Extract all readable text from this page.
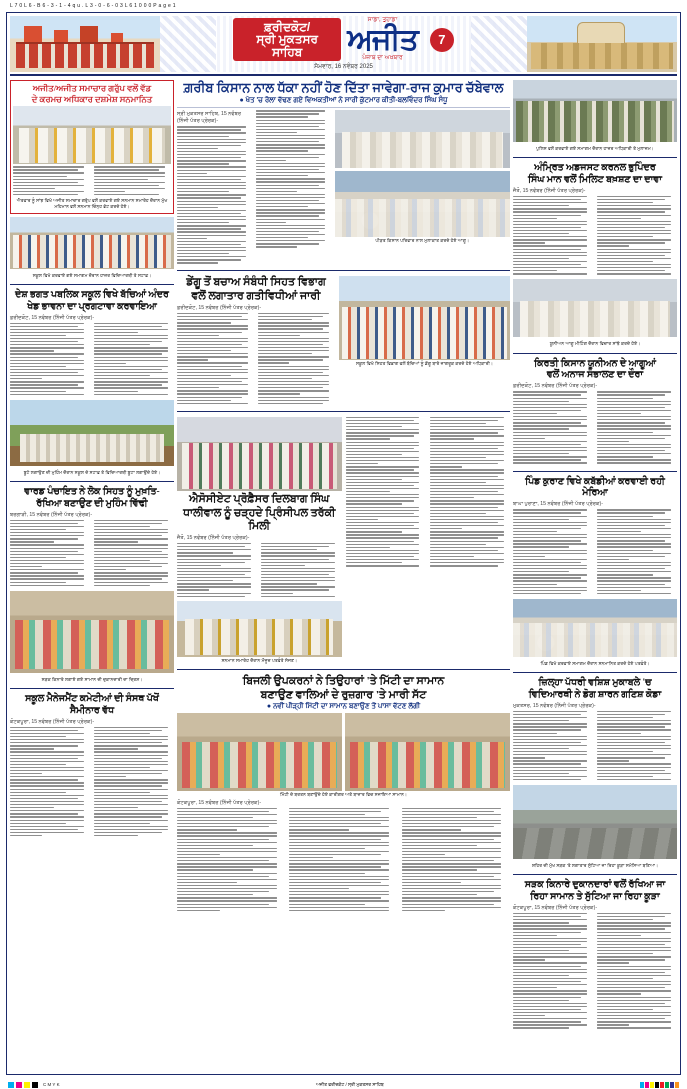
L 7 0 L 6 - B 6 - 3 - 1 - 4 q u . L 3 - 0 - 6 - 0 3 L 6 1 0 0 0 P a g e 1
ਫ਼ਰੀਦਕੋਟ/
ਸ੍ਰੀ ਮੁਕਤਸਰ ਸਾਹਿਬ
ਸਾਡਾ, ਤੁਹਾਡਾ
ਅਜੀਤ
ਪੰਜਾਬ ਦਾ ਅਖ਼ਬਾਰ
7
ਸੋਮਵਾਰ, 16 ਨਵੰਬਰ 2025
ਅਜੀਤ/ਅਜੀਤ ਸਮਾਚਾਰ ਗਰੁੱਪ ਵਲੋਂ ਵੱਡ
ਦੇ ਕਰਮਚ ਅਧਿਕਾਰ ਦਸ਼ਮੇਸ਼ ਸਨਮਾਨਿਤ
ਐਤਵਾਰ ਨੂੰ ਸਾਂਝ ਵਿਖੇ ਅਜੀਤ ਸਮਾਚਾਰ ਗਰੁੱਪ ਵਲੋਂ ਕਰਵਾਏ ਗਏ ਸਨਮਾਨ ਸਮਾਰੋਹ ਦੌਰਾਨ ਮੁੱਖ ਮਹਿਮਾਨ ਵਲੋਂ ਸਨਮਾਨ ਚਿੰਨ੍ਹ ਭੇਟ ਕਰਦੇ ਹੋਏ।
ਸਕੂਲ ਵਿਖੇ ਕਰਵਾਏ ਗਏ ਸਮਾਗਮ ਦੌਰਾਨ ਹਾਜ਼ਰ ਵਿਦਿਆਰਥੀ ਤੇ ਸਟਾਫ਼।
ਦੇਸ਼ ਭਗਤ ਪਬਲਿਕ ਸਕੂਲ ਵਿਖੇ ਬੱਚਿਆਂ ਅੰਦਰ
ਖੇਡ ਭਾਵਨਾ ਦਾ ਪ੍ਰਗਟਾਵਾ ਕਰਵਾਇਆ
ਫ਼ਰੀਦਕੋਟ, 15 ਨਵੰਬਰ (ਨਿੱਜੀ ਪੱਤਰ ਪ੍ਰੇਰਕ)-
ਬੂਟੇ ਲਗਾਉਣ ਦੀ ਮੁਹਿੰਮ ਦੌਰਾਨ ਸਕੂਲ ਦੇ ਸਟਾਫ਼ ਤੇ ਵਿਦਿਆਰਥੀ ਬੂਟਾ ਲਗਾਉਂਦੇ ਹੋਏ।
ਵਾਰਡ ਪੰਚਾਇਤ ਨੇ ਲੋਕ ਸਿਹਤ ਨੂੰ ਮੁਖ਼ਤਿ-
ਰੱਖਿਆ ਬਣਾਉਣ ਦੀ ਮੁਹਿੰਮ ਵਿੱਢੀ
ਬਰਗਾੜੀ, 15 ਨਵੰਬਰ (ਨਿੱਜੀ ਪੱਤਰ ਪ੍ਰੇਰਕ)-
ਸੜਕ ਕਿਨਾਰੇ ਲਗਾਏ ਗਏ ਸਾਮਾਨ ਦੀ ਦੁਕਾਨਦਾਰੀ ਦਾ ਦ੍ਰਿਸ਼।
ਸਕੂਲ ਮੈਨੇਜਮੈਂਟ ਕਮੇਟੀਆਂ ਦੀ ਸੰਸਥ ਪੱਖੋਂ ਸੈਮੀਨਾਰ ਵੱਧ
ਕੋਟਕਪੂਰਾ, 15 ਨਵੰਬਰ (ਨਿੱਜੀ ਪੱਤਰ ਪ੍ਰੇਰਕ)-
ਗ਼ਰੀਬ ਕਿਸਾਨ ਨਾਲ ਧੱਕਾ ਨਹੀਂ ਹੋਣ ਦਿੱਤਾ ਜਾਵੇਗਾ-ਰਾਜ ਕੁਮਾਰ ਚੱਬੇਵਾਲ
● ਖੇਤ 'ਚ ਰੋਲਾ ਵੱਢਣ ਗਏ ਵਿਅਕਤੀਆਂ ਨੇ ਸਾਰੀ ਕੁੱਟਮਾਰ ਕੀਤੀ-ਬਲਵਿੰਦਰ ਸਿੰਘ ਸੰਧੂ
ਸ੍ਰੀ ਮੁਕਤਸਰ ਸਾਹਿਬ, 15 ਨਵੰਬਰ (ਨਿੱਜੀ ਪੱਤਰ ਪ੍ਰੇਰਕ)-
ਪੀੜਤ ਕਿਸਾਨ ਪਰਿਵਾਰ ਨਾਲ ਮੁਲਾਕਾਤ ਕਰਦੇ ਹੋਏ ਆਗੂ।
ਡੇਂਗੂ ਤੋਂ ਬਚਾਅ ਸੰਬੰਧੀ ਸਿਹਤ ਵਿਭਾਗ
ਵਲੋਂ ਲਗਾਤਾਰ ਗਤੀਵਿਧੀਆਂ ਜਾਰੀ
ਫ਼ਰੀਦਕੋਟ, 15 ਨਵੰਬਰ (ਨਿੱਜੀ ਪੱਤਰ ਪ੍ਰੇਰਕ)-
ਸਕੂਲ ਵਿਖੇ ਸਿਹਤ ਵਿਭਾਗ ਵਲੋਂ ਬੱਚਿਆਂ ਨੂੰ ਡੇਂਗੂ ਬਾਰੇ ਜਾਗਰੂਕ ਕਰਦੇ ਹੋਏ ਅਧਿਕਾਰੀ।
ਐਸੋਸੀਏਟ ਪ੍ਰੋਫ਼ੈਸਰ ਦਿਲਬਾਗ ਸਿੰਘ
ਧਾਲੀਵਾਲ ਨੂੰ ਚੜ੍ਹਦੇ ਪ੍ਰਿੰਸੀਪਲ ਤਰੱਕੀ ਮਿਲੀ
ਜੈਤੋ, 15 ਨਵੰਬਰ (ਨਿੱਜੀ ਪੱਤਰ ਪ੍ਰੇਰਕ)-
ਸਨਮਾਨ ਸਮਾਰੋਹ ਦੌਰਾਨ ਮੌਜੂਦ ਪਤਵੰਤੇ ਸੱਜਣ।
ਬਿਜਲੀ ਉਪਕਰਨਾਂ ਨੇ ਤਿਉਹਾਰਾਂ 'ਤੇ ਮਿੱਟੀ ਦਾ ਸਾਮਾਨ
ਬਣਾਉਣ ਵਾਲਿਆਂ ਦੇ ਰੁਜ਼ਗਾਰ 'ਤੇ ਮਾਰੀ ਸੱਟ
● ਨਵੀਂ ਪੀੜ੍ਹੀ ਮਿੱਟੀ ਦਾ ਸਾਮਾਨ ਬਣਾਉਣ ਤੋਂ ਪਾਸਾ ਵੱਟਣ ਲੱਗੀ
ਮਿੱਟੀ ਦੇ ਬਰਤਨ ਬਣਾਉਂਦੇ ਹੋਏ ਕਾਰੀਗਰ ਅਤੇ ਬਾਜ਼ਾਰ ਵਿਚ ਸਜਾਇਆ ਸਾਮਾਨ।
ਕੋਟਕਪੂਰਾ, 15 ਨਵੰਬਰ (ਨਿੱਜੀ ਪੱਤਰ ਪ੍ਰੇਰਕ)-
ਪੁਲਿਸ ਵਲੋਂ ਕਰਵਾਏ ਗਏ ਸਮਾਗਮ ਦੌਰਾਨ ਹਾਜ਼ਰ ਅਧਿਕਾਰੀ ਤੇ ਮੁਲਾਜ਼ਮ।
ਅੰਮ੍ਰਿਤ ਅਡਜਸਟ ਕਰਨਲ ਭੁਪਿੰਦਰ
ਸਿੰਘ ਮਾਨ ਵਲੋਂ ਮਿਲਿਟ ਬਖ਼ਸ਼ਣ ਦਾ ਦਾਵਾ
ਜੈਤੋ, 15 ਨਵੰਬਰ (ਨਿੱਜੀ ਪੱਤਰ ਪ੍ਰੇਰਕ)-
ਯੂਨੀਅਨ ਆਗੂ ਮੀਟਿੰਗ ਦੌਰਾਨ ਵਿਚਾਰ ਸਾਂਝੇ ਕਰਦੇ ਹੋਏ।
ਕਿਰਤੀ ਕਿਸਾਨ ਯੂਨੀਅਨ ਦੇ ਆਗੂਆਂ
ਵਲੋਂ ਅਨਾਜ ਸੰਭਾਲਣ ਦਾ ਦੌਰਾ
ਫ਼ਰੀਦਕੋਟ, 15 ਨਵੰਬਰ (ਨਿੱਜੀ ਪੱਤਰ ਪ੍ਰੇਰਕ)-
ਪਿੰਡ ਕੁਰਾਣ ਵਿਖੇ ਕਬੱਡੀਆਂ ਕਰਵਾਈ ਰਹੀ ਮੇਰਿਆ
ਬਾਘਾ ਪੁਰਾਣਾ, 15 ਨਵੰਬਰ (ਨਿੱਜੀ ਪੱਤਰ ਪ੍ਰੇਰਕ)-
ਪਿੰਡ ਵਿਖੇ ਕਰਵਾਏ ਸਮਾਗਮ ਦੌਰਾਨ ਸਨਮਾਨਿਤ ਕਰਦੇ ਹੋਏ ਪਤਵੰਤੇ।
ਜ਼ਿਲ੍ਹਾ ਪੱਧਰੀ ਵਸ਼ਿਸ਼ ਮੁਕਾਬਲੇ 'ਚ
ਵਿਦਿਆਰਥੀ ਨੇ ਡੋਗ ਸ਼ਾਰਨ ਗਣਿਸ਼ ਕੋਡਾ
ਮੁਕਤਸਰ, 15 ਨਵੰਬਰ (ਨਿੱਜੀ ਪੱਤਰ ਪ੍ਰੇਰਕ)-
ਸ਼ਹਿਰ ਦੀ ਮੁੱਖ ਸੜਕ 'ਤੇ ਲਗਾਤਾਰ ਸੁੱਟਿਆ ਜਾ ਰਿਹਾ ਕੂੜਾ ਸਮੱਸਿਆ ਬਣਿਆ।
ਸੜਕ ਕਿਨਾਰੇ ਦੁਕਾਨਦਾਰਾਂ ਵਲੋਂ ਰੱਖਿਆ ਜਾ
ਰਿਹਾ ਸਾਮਾਨ ਤੇ ਸੁੱਟਿਆ ਜਾ ਰਿਹਾ ਕੂੜਾ
ਕੋਟਕਪੂਰਾ, 15 ਨਵੰਬਰ (ਨਿੱਜੀ ਪੱਤਰ ਪ੍ਰੇਰਕ)-
C M Y K	ਅਜੀਤ ਫਰੀਦਕੋਟ / ਸ੍ਰੀ ਮੁਕਤਸਰ ਸਾਹਿਬ
